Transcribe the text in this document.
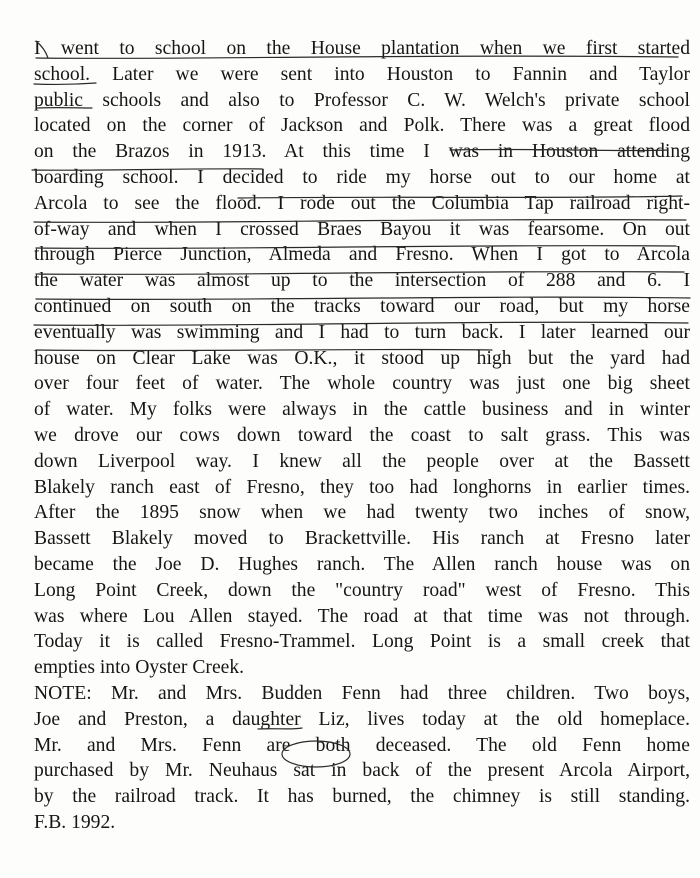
I went to school on the House plantation when we first started
school. Later we were sent into Houston to Fannin and Taylor
public schools and also to Professor C. W. Welch's private school
located on the corner of Jackson and Polk. There was a great flood
on the Brazos in 1913. At this time I was in Houston attending
boarding school. I decided to ride my horse out to our home at
Arcola to see the flood. I rode out the Columbia Tap railroad right-
of-way and when I crossed Braes Bayou it was fearsome. On out
through Pierce Junction, Almeda and Fresno. When I got to Arcola
the water was almost up to the intersection of 288 and 6. I
continued on south on the tracks toward our road, but my horse
eventually was swimming and I had to turn back. I later learned our
house on Clear Lake was O.K., it stood up high but the yard had
over four feet of water. The whole country was just one big sheet
of water. My folks were always in the cattle business and in winter
we drove our cows down toward the coast to salt grass. This was
down Liverpool way. I knew all the people over at the Bassett
Blakely ranch east of Fresno, they too had longhorns in earlier times.
After the 1895 snow when we had twenty two inches of snow,
Bassett Blakely moved to Brackettville. His ranch at Fresno later
became the Joe D. Hughes ranch. The Allen ranch house was on
Long Point Creek, down the "country road" west of Fresno. This
was where Lou Allen stayed. The road at that time was not through.
Today it is called Fresno-Trammel. Long Point is a small creek that
empties into Oyster Creek.
NOTE: Mr. and Mrs. Budden Fenn had three children. Two boys,
Joe and Preston, a daughter Liz, lives today at the old homeplace.
Mr. and Mrs. Fenn are both deceased. The old Fenn home
purchased by Mr. Neuhaus sat in back of the present Arcola Airport,
by the railroad track. It has burned, the chimney is still standing.
F.B. 1992.
